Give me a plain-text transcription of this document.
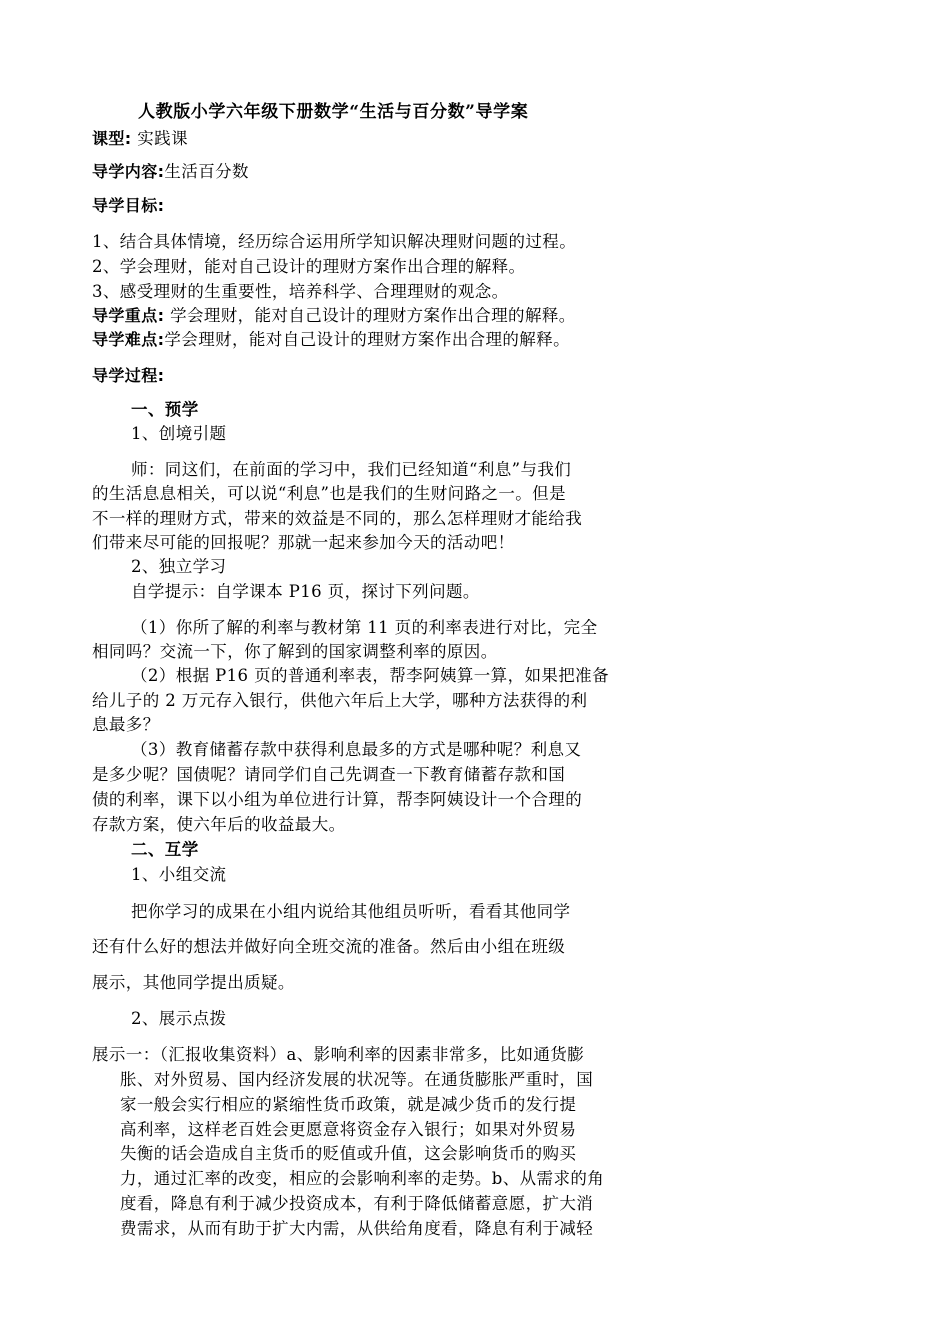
人教版小学六年级下册数学“生活与百分数”导学案
课型: 实践课
导学内容:生活百分数
导学目标:
1、结合具体情境，经历综合运用所学知识解决理财问题的过程。
2、学会理财，能对自己设计的理财方案作出合理的解释。
3、感受理财的生重要性，培养科学、合理理财的观念。
导学重点: 学会理财，能对自己设计的理财方案作出合理的解释。
导学难点:学会理财，能对自己设计的理财方案作出合理的解释。
导学过程:
一、预学
1、创境引题
师：同这们，在前面的学习中，我们已经知道“利息”与我们
的生活息息相关，可以说“利息”也是我们的生财问路之一。但是
不一样的理财方式，带来的效益是不同的，那么怎样理财才能给我
们带来尽可能的回报呢？那就一起来参加今天的活动吧！
2、独立学习
自学提示：自学课本 P16 页，探讨下列问题。
（1）你所了解的利率与教材第 11 页的利率表进行对比，完全
相同吗？交流一下，你了解到的国家调整利率的原因。
（2）根据 P16 页的普通利率表，帮李阿姨算一算，如果把准备
给儿子的 2 万元存入银行，供他六年后上大学，哪种方法获得的利
息最多？
（3）教育储蓄存款中获得利息最多的方式是哪种呢？利息又
是多少呢？国债呢？请同学们自己先调查一下教育储蓄存款和国
债的利率，课下以小组为单位进行计算，帮李阿姨设计一个合理的
存款方案，使六年后的收益最大。
二、互学
1、小组交流
把你学习的成果在小组内说给其他组员听听，看看其他同学
还有什么好的想法并做好向全班交流的准备。然后由小组在班级
展示，其他同学提出质疑。
2、展示点拨
展示一：（汇报收集资料）a、影响利率的因素非常多，比如通货膨
胀、对外贸易、国内经济发展的状况等。在通货膨胀严重时，国
家一般会实行相应的紧缩性货币政策，就是减少货币的发行提
高利率，这样老百姓会更愿意将资金存入银行；如果对外贸易
失衡的话会造成自主货币的贬值或升值，这会影响货币的购买
力，通过汇率的改变，相应的会影响利率的走势。b、从需求的角
度看，降息有利于减少投资成本，有利于降低储蓄意愿，扩大消
费需求，从而有助于扩大内需，从供给角度看，降息有利于减轻
